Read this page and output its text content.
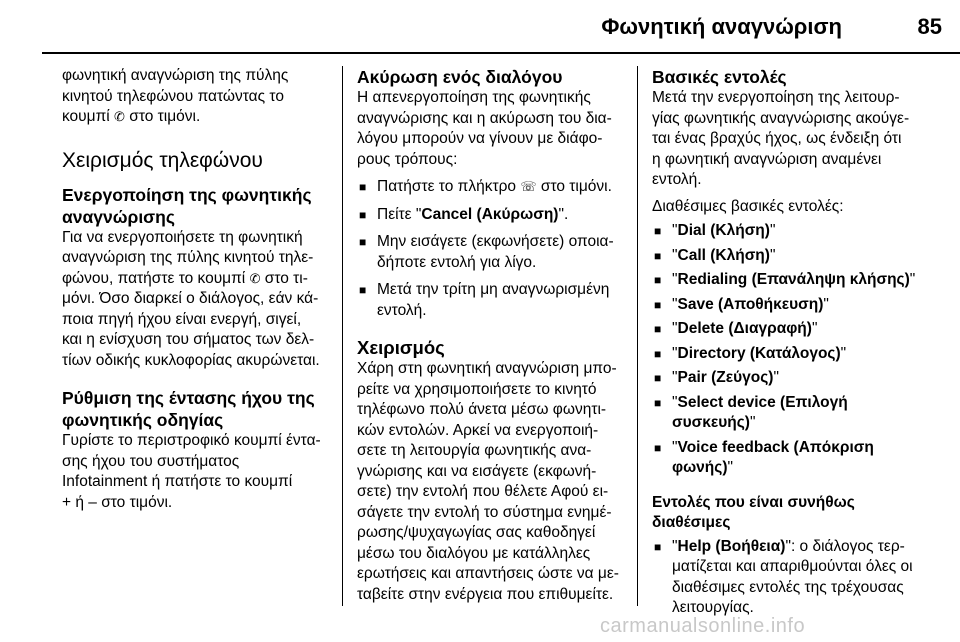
Φωνητική αναγνώριση	85

φωνητική αναγνώριση της πύλης
κινητού τηλεφώνου πατώντας το
κουμπί ✆ στο τιμόνι.

Χειρισμός τηλεφώνου
Ενεργοποίηση της φωνητικής
αναγνώρισης

Για να ενεργοποιήσετε τη φωνητική
αναγνώριση της πύλης κινητού τηλε-
φώνου, πατήστε το κουμπί ✆ στο τι-
μόνι. Όσο διαρκεί ο διάλογος, εάν κά-
ποια πηγή ήχου είναι ενεργή, σιγεί,
και η ενίσχυση του σήματος των δελ-
τίων οδικής κυκλοφορίας ακυρώνεται.

Ρύθμιση της έντασης ήχου της
φωνητικής οδηγίας

Γυρίστε το περιστροφικό κουμπί έντα-
σης ήχου του συστήματος
Infotainment ή πατήστε το κουμπί
+ ή – στο τιμόνι.

Ακύρωση ενός διαλόγου

Η απενεργοποίηση της φωνητικής
αναγνώρισης και η ακύρωση του δια-
λόγου μπορούν να γίνουν με διάφο-
ρους τρόπους:

■ Πατήστε το πλήκτρο ☏ στο τιμόνι.
■ Πείτε "Cancel (Ακύρωση)".
■ Μην εισάγετε (εκφωνήσετε) οποια-
δήποτε εντολή για λίγο.
■ Μετά την τρίτη μη αναγνωρισμένη
εντολή.
Χειρισμός

Χάρη στη φωνητική αναγνώριση μπο-
ρείτε να χρησιμοποιήσετε το κινητό
τηλέφωνο πολύ άνετα μέσω φωνητι-
κών εντολών. Αρκεί να ενεργοποιή-
σετε τη λειτουργία φωνητικής ανα-
γνώρισης και να εισάγετε (εκφωνή-
σετε) την εντολή που θέλετε Αφού ει-
σάγετε την εντολή το σύστημα ενημέ-
ρωσης/ψυχαγωγίας σας καθοδηγεί
μέσω του διαλόγου με κατάλληλες
ερωτήσεις και απαντήσεις ώστε να με-
ταβείτε στην ενέργεια που επιθυμείτε.

Βασικές εντολές

Μετά την ενεργοποίηση της λειτουρ-
γίας φωνητικής αναγνώρισης ακούγε-
ται ένας βραχύς ήχος, ως ένδειξη ότι
η φωνητική αναγνώριση αναμένει
εντολή.

Διαθέσιμες βασικές εντολές:

■ "Dial (Κλήση)"
■ "Call (Κλήση)"
■ "Redialing (Επανάληψη κλήσης)"
■ "Save (Αποθήκευση)"
■ "Delete (Διαγραφή)"
■ "Directory (Κατάλογος)"
■ "Pair (Ζεύγος)"
■ "Select device (Επιλογή
συσκευής)"
■ "Voice feedback (Απόκριση
φωνής)"
Εντολές που είναι συνήθως
διαθέσιμες
■ "Help (Βοήθεια)": ο διάλογος τερ-
ματίζεται και απαριθμούνται όλες οι
διαθέσιμες εντολές της τρέχουσας
λειτουργίας.
carmanualsonline.info
